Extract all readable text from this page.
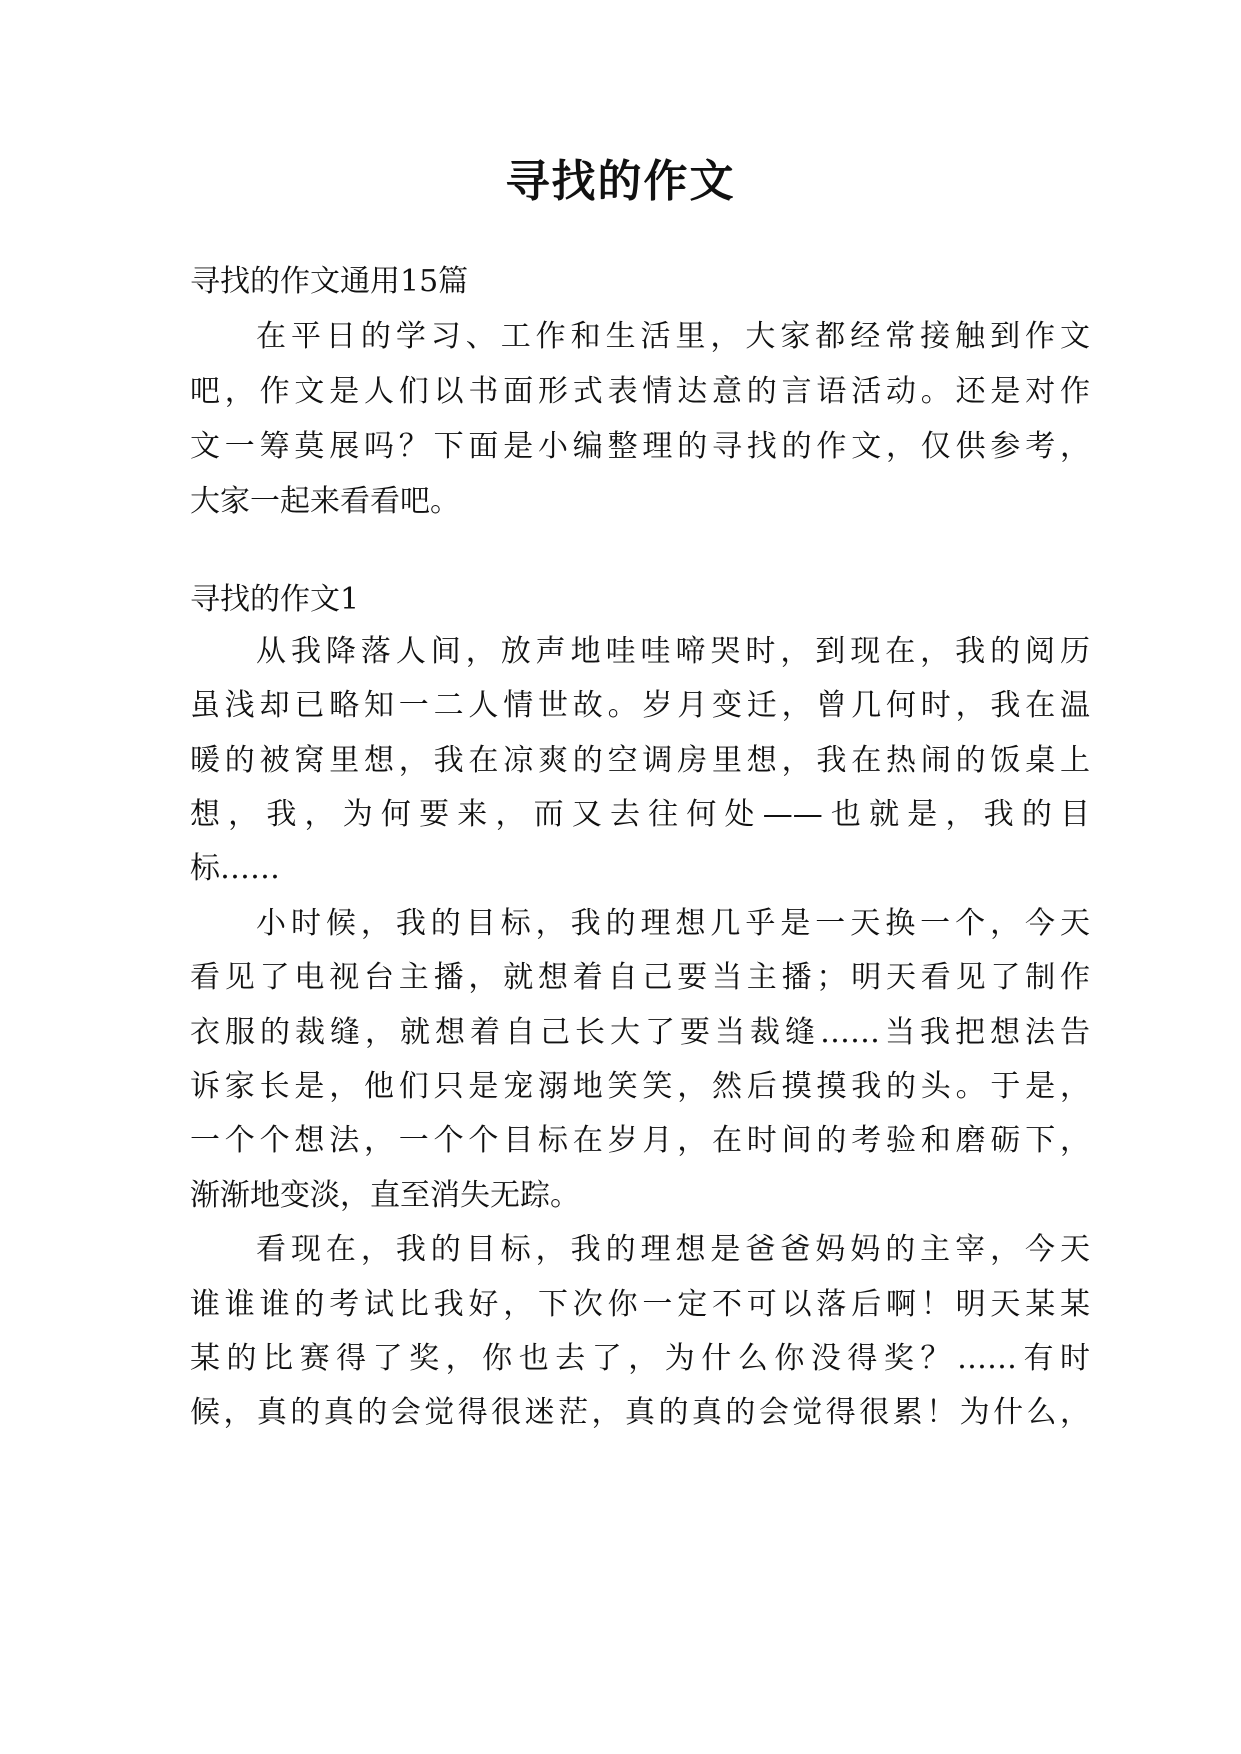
寻找的作文
寻找的作文通用15篇
在平日的学习、工作和生活里，大家都经常接触到作文
吧，作文是人们以书面形式表情达意的言语活动。还是对作
文一筹莫展吗？下面是小编整理的寻找的作文，仅供参考，
大家一起来看看吧。
寻找的作文1
从我降落人间，放声地哇哇啼哭时，到现在，我的阅历
虽浅却已略知一二人情世故。岁月变迁，曾几何时，我在温
暖的被窝里想，我在凉爽的空调房里想，我在热闹的饭桌上
想，我，为何要来，而又去往何处——也就是，我的目
标……
小时候，我的目标，我的理想几乎是一天换一个，今天
看见了电视台主播，就想着自己要当主播；明天看见了制作
衣服的裁缝，就想着自己长大了要当裁缝……当我把想法告
诉家长是，他们只是宠溺地笑笑，然后摸摸我的头。于是，
一个个想法，一个个目标在岁月，在时间的考验和磨砺下，
渐渐地变淡，直至消失无踪。
看现在，我的目标，我的理想是爸爸妈妈的主宰，今天
谁谁谁的考试比我好，下次你一定不可以落后啊！明天某某
某的比赛得了奖，你也去了，为什么你没得奖？……有时
候，真的真的会觉得很迷茫，真的真的会觉得很累！为什么，
